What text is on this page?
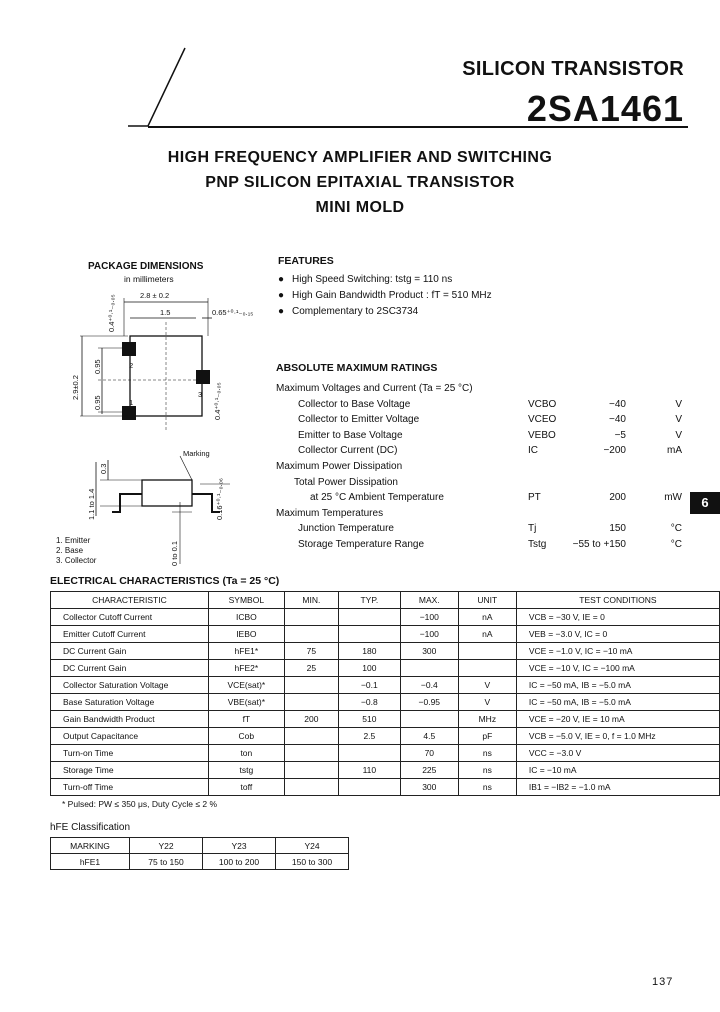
SILICON TRANSISTOR
2SA1461
HIGH FREQUENCY AMPLIFIER AND SWITCHING
PNP SILICON EPITAXIAL TRANSISTOR
MINI MOLD
PACKAGE DIMENSIONS
in millimeters
2.8 ± 0.2
1.5	0.65⁺⁰·¹₋₀.₁₅
0.4⁺⁰·¹₋₀.₀₅
2.9±0.2
0.95
0.95	0.4⁺⁰·¹₋₀.₀₅
2
3
1
Marking
0.3
1.1 to 1.4	0.16⁺⁰·¹₋₀.₀₆
0 to 0.1
1. Emitter
2. Base
3. Collector
FEATURES
● High Speed Switching: tstg = 110 ns
● High Gain Bandwidth Product : fT = 510 MHz
● Complementary to 2SC3734
ABSOLUTE MAXIMUM RATINGS
Maximum Voltages and Current (Ta = 25 °C)
Collector to Base Voltage	VCBO	−40	V
Collector to Emitter Voltage	VCEO	−40	V
Emitter to Base Voltage	VEBO	−5	V
Collector Current (DC)	IC	−200	mA
Maximum Power Dissipation
Total Power Dissipation
at 25 °C Ambient Temperature	PT	200	mW
Maximum Temperatures
Junction Temperature	Tj	150	°C
Storage Temperature Range	Tstg	−55 to +150	°C
6
ELECTRICAL CHARACTERISTICS (Ta = 25 °C)
CHARACTERISTIC	SYMBOL	MIN.	TYP.	MAX.	UNIT	TEST CONDITIONS
Collector Cutoff Current	ICBO			−100	nA	VCB = −30 V, IE = 0
Emitter Cutoff Current	IEBO			−100	nA	VEB = −3.0 V, IC = 0
DC Current Gain	hFE1*	75	180	300		VCE = −1.0 V, IC = −10 mA
DC Current Gain	hFE2*	25	100			VCE = −10 V, IC = −100 mA
Collector Saturation Voltage	VCE(sat)*		−0.1	−0.4	V	IC = −50 mA, IB = −5.0 mA
Base Saturation Voltage	VBE(sat)*		−0.8	−0.95	V	IC = −50 mA, IB = −5.0 mA
Gain Bandwidth Product	fT	200	510		MHz	VCE = −20 V, IE = 10 mA
Output Capacitance	Cob		2.5	4.5	pF	VCB = −5.0 V, IE = 0, f = 1.0 MHz
Turn-on Time	ton			70	ns	VCC = −3.0 V
Storage Time	tstg		110	225	ns	IC = −10 mA
Turn-off Time	toff			300	ns	IB1 = −IB2 = −1.0 mA
* Pulsed: PW ≤ 350 μs, Duty Cycle ≤ 2 %
hFE Classification
MARKING	Y22	Y23	Y24
hFE1	75 to 150	100 to 200	150 to 300
137
